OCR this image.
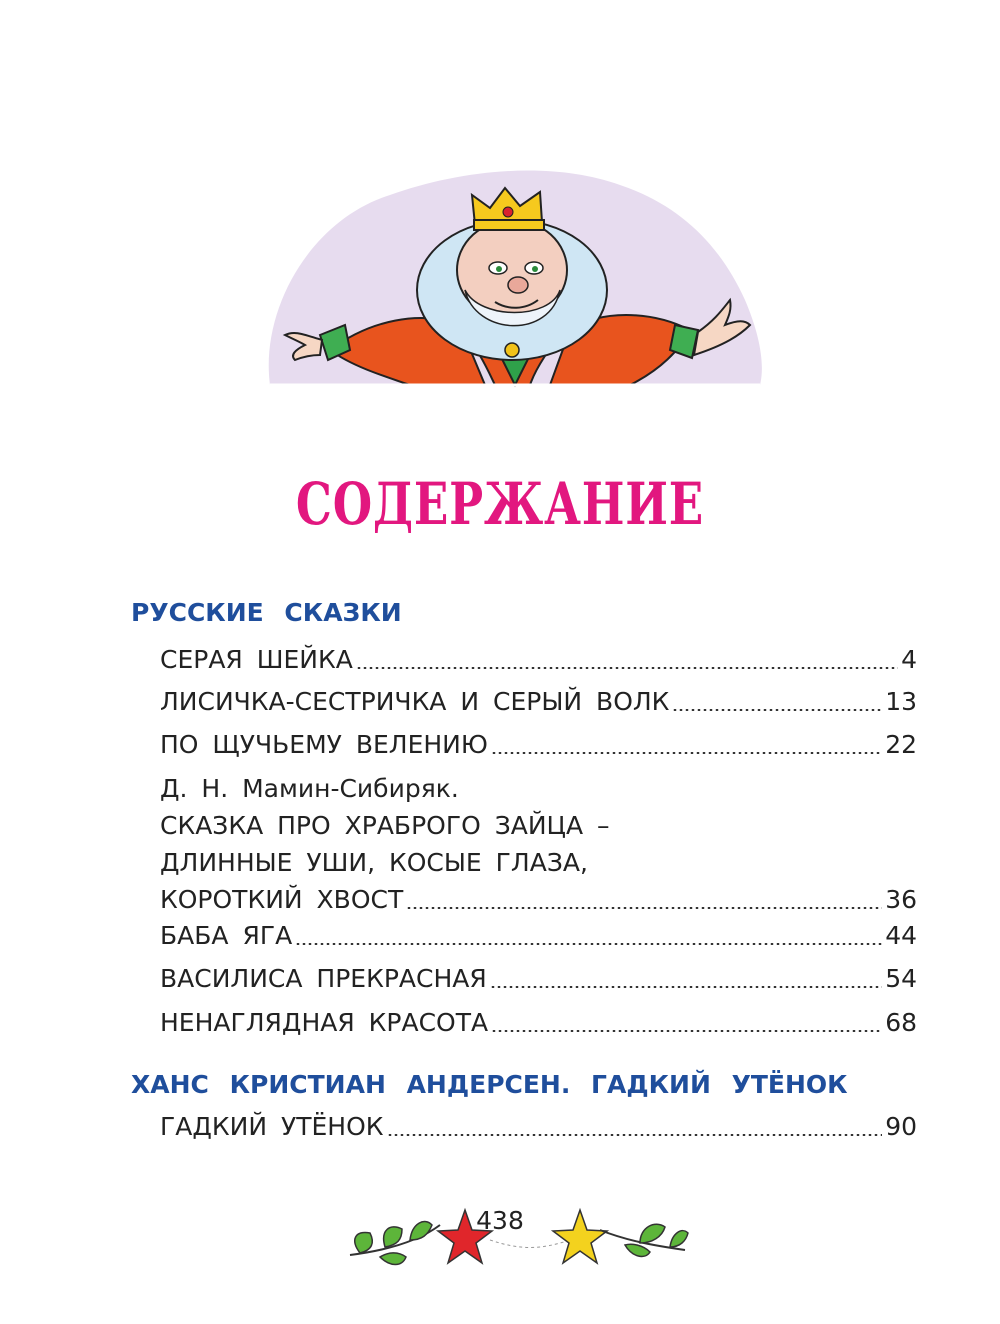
СОДЕРЖАНИЕ
РУССКИЕ СКАЗКИ
СЕРАЯ ШЕЙКА	4
ЛИСИЧКА-СЕСТРИЧКА И СЕРЫЙ ВОЛК	13
ПО ЩУЧЬЕМУ ВЕЛЕНИЮ	22
Д. Н. Мамин-Сибиряк.
СКАЗКА ПРО ХРАБРОГО ЗАЙЦА –
ДЛИННЫЕ УШИ, КОСЫЕ ГЛАЗА,
КОРОТКИЙ ХВОСТ	36
БАБА ЯГА	44
ВАСИЛИСА ПРЕКРАСНАЯ	54
НЕНАГЛЯДНАЯ КРАСОТА	68
ХАНС КРИСТИАН АНДЕРСЕН. ГАДКИЙ УТЁНОК
ГАДКИЙ УТЁНОК	90
438
